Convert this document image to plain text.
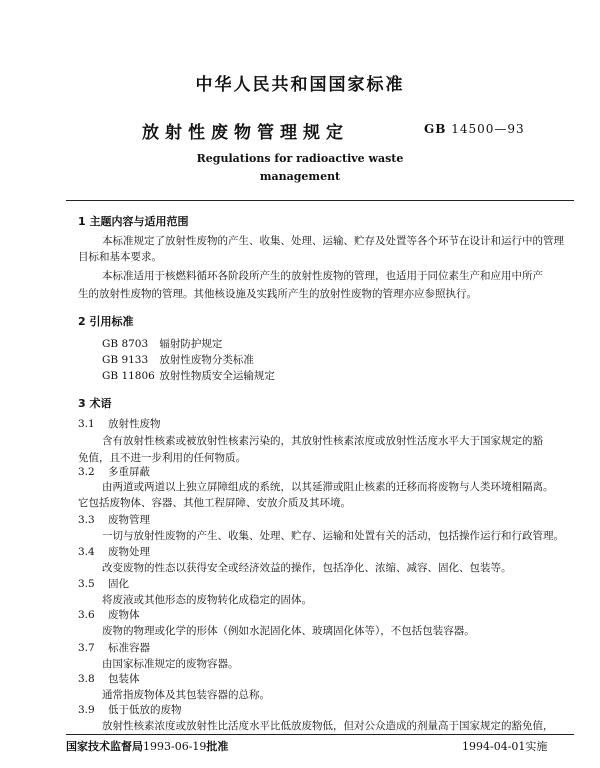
中华人民共和国国家标准
放射性废物管理规定	GB 14500—93
Regulations for radioactive waste
management
1 主题内容与适用范围
本标准规定了放射性废物的产生、收集、处理、运输、贮存及处置等各个环节在设计和运行中的管理
目标和基本要求。
本标准适用于核燃料循环各阶段所产生的放射性废物的管理，也适用于同位素生产和应用中所产
生的放射性废物的管理。其他核设施及实践所产生的放射性废物的管理亦应参照执行。
2 引用标准
GB 8703 辐射防护规定
GB 9133 放射性废物分类标准
GB 11806 放射性物质安全运输规定
3 术语
3.1 放射性废物
含有放射性核素或被放射性核素污染的，其放射性核素浓度或放射性活度水平大于国家规定的豁
免值，且不进一步利用的任何物质。
3.2 多重屏蔽
由两道或两道以上独立屏障组成的系统，以其延滞或阻止核素的迁移而将废物与人类环境相隔离。
它包括废物体、容器、其他工程屏障、安放介质及其环境。
3.3 废物管理
一切与放射性废物的产生、收集、处理、贮存、运输和处置有关的活动，包括操作运行和行政管理。
3.4 废物处理
改变废物的性态以获得安全或经济效益的操作，包括净化、浓缩、减容、固化、包装等。
3.5 固化
将废液或其他形态的废物转化成稳定的固体。
3.6 废物体
废物的物理或化学的形体（例如水泥固化体、玻璃固化体等），不包括包装容器。
3.7 标准容器
由国家标准规定的废物容器。
3.8 包装体
通常指废物体及其包装容器的总称。
3.9 低于低放的废物
放射性核素浓度或放射性比活度水平比低放废物低，但对公众造成的剂量高于国家规定的豁免值，
国家技术监督局1993-06-19批准	1994-04-01实施
